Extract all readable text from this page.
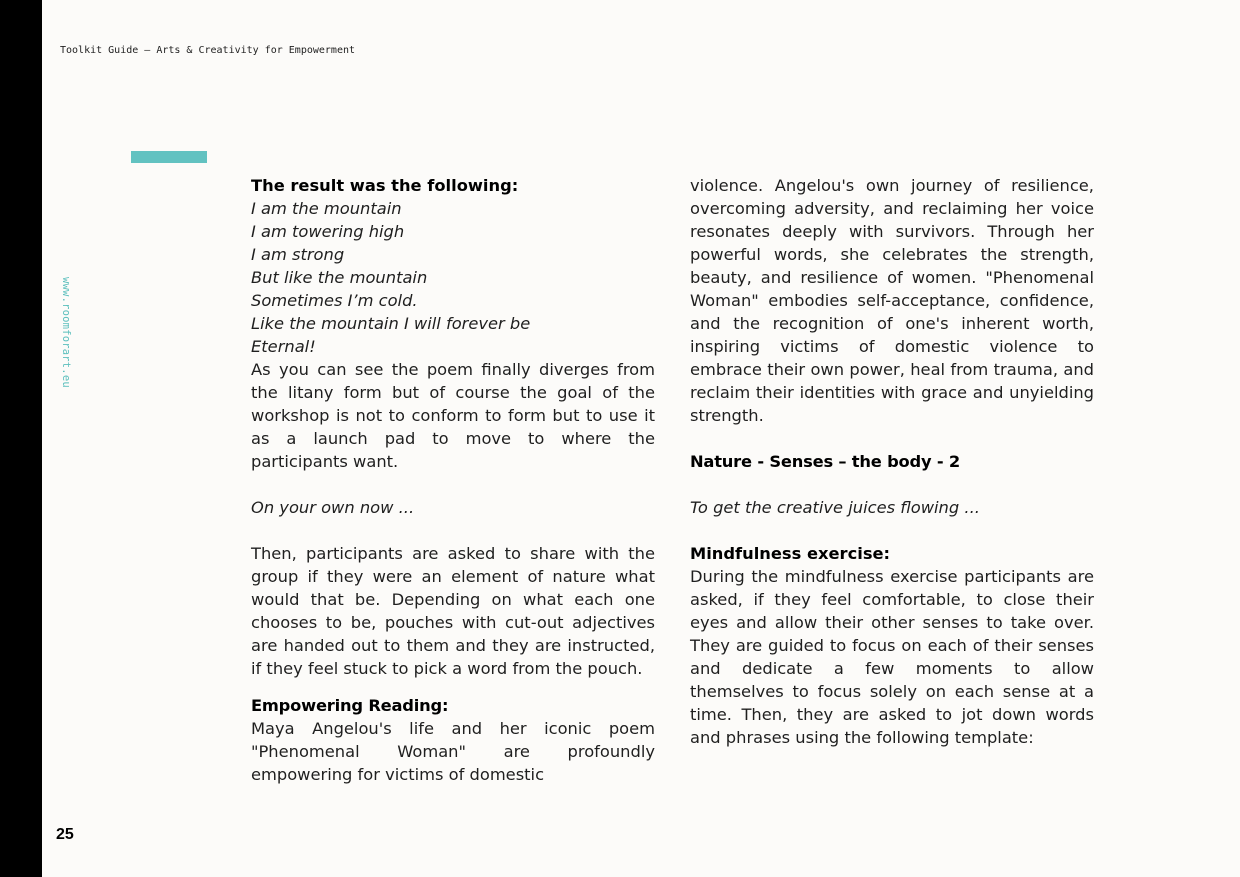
Toolkit Guide – Arts & Creativity for Empowerment
www.roomforart.eu
25

The result was the following:

I am the mountain

I am towering high

I am strong

But like the mountain

Sometimes I’m cold.

Like the mountain I will forever be

Eternal!

As you can see the poem finally diverges from the litany form but of course the goal of the workshop is not to conform to form but to use it as a launch pad to move to where the participants want.

On your own now ...

Then, participants are asked to share with the group if they were an element of nature what would that be. Depending on what each one chooses to be, pouches with cut-out adjectives are handed out to them and they are instructed, if they feel stuck to pick a word from the pouch.

Empowering Reading:

Maya Angelou's life and her iconic poem "Phenomenal Woman" are profoundly empowering for victims of domestic

violence. Angelou's own journey of resilience, overcoming adversity, and reclaiming her voice resonates deeply with survivors. Through her powerful words, she celebrates the strength, beauty, and resilience of women. "Phenomenal Woman" embodies self-acceptance, confidence, and the recognition of one's inherent worth, inspiring victims of domestic violence to embrace their own power, heal from trauma, and reclaim their identities with grace and unyielding strength.

Nature - Senses – the body - 2

To get the creative juices flowing ...

Mindfulness exercise:

During the mindfulness exercise participants are asked, if they feel comfortable, to close their eyes and allow their other senses to take over. They are guided to focus on each of their senses and dedicate a few moments to allow themselves to focus solely on each sense at a time. Then, they are asked to jot down words and phrases using the following template:
